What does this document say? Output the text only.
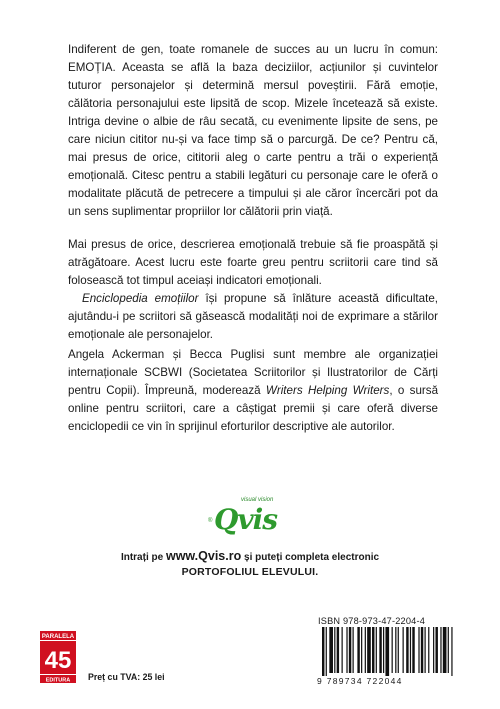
Indiferent de gen, toate romanele de succes au un lucru în comun: EMOȚIA. Aceasta se află la baza deciziilor, acțiunilor și cuvintelor tuturor personajelor și determină mersul poveștirii. Fără emoție, călătoria personajului este lipsită de scop. Mizele încetează să existe. Intriga devine o albie de râu secată, cu evenimente lipsite de sens, pe care niciun cititor nu-și va face timp să o parcurgă. De ce? Pentru că, mai presus de orice, cititorii aleg o carte pentru a trăi o experiență emoțională. Citesc pentru a stabili legături cu personaje care le oferă o modalitate plăcută de petrecere a timpului și ale căror încercări pot da un sens suplimentar propriilor lor călătorii prin viață.

Mai presus de orice, descrierea emoțională trebuie să fie proaspătă și atrăgătoare. Acest lucru este foarte greu pentru scriitorii care tind să folosească tot timpul aceiași indicatori emoționali.

Enciclopedia emoțiilor își propune să înlăture această dificultate, ajutându-i pe scriitori să găsească modalități noi de exprimare a stărilor emoționale ale personajelor.

Angela Ackerman și Becca Puglisi sunt membre ale organizației internaționale SCBWI (Societatea Scriitorilor și Ilustratorilor de Cărți pentru Copii). Împreună, moderează Writers Helping Writers, o sursă online pentru scriitori, care a câștigat premii și care oferă diverse enciclopedii ce vin în sprijinul eforturilor descriptive ale autorilor.

visual vision
® Qvis
Intrați pe www.Qvis.ro și puteți completa electronic
PORTOFOLIUL ELEVULUI.
ISBN 978-973-47-2204-4
9 789734 722044
PARALELA
45
EDITURA Preț cu TVA: 25 lei
